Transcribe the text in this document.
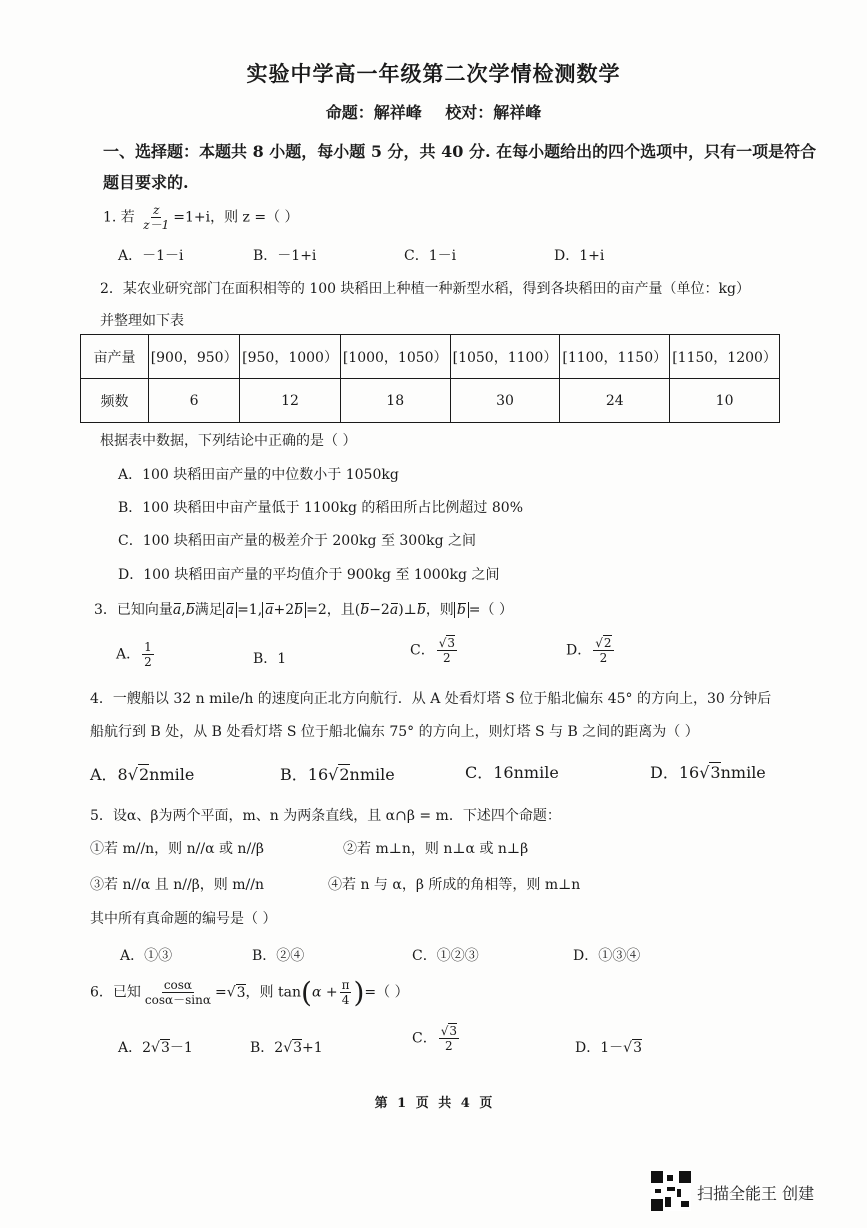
实验中学高一年级第二次学情检测数学
命题：解祥峰 校对：解祥峰
一、选择题：本题共 8 小题，每小题 5 分，共 40 分. 在每小题给出的四个选项中，只有一项是符合题目要求的.
1. 若 $\frac{z}{z-1} =1+i$，则 z =（ ）
A．－1－i	B．－1+i	C．1－i	D．1+i
2．某农业研究部门在面积相等的 100 块稻田上种植一种新型水稻，得到各块稻田的亩产量（单位：kg）
并整理如下表
亩产量	[900，950）	[950，1000）	[1000，1050）	[1050，1100）	[1100，1150）	[1150，1200）
频数	6	12	18	30	24	10
根据表中数据，下列结论中正确的是（ ）
A．100 块稻田亩产量的中位数小于 1050kg
B．100 块稻田中亩产量低于 1100kg 的稻田所占比例超过 80%
C．100 块稻田亩产量的极差介于 200kg 至 300kg 之间
D．100 块稻田亩产量的平均值介于 900kg 至 1000kg 之间
3．已知向量a,b满足 a =1, a+2b =2，且(b−2a)⊥b，则 b =（ ）
A． $\frac{1}{2}$	B．1
C． $\frac{√3}{2}$	D． $\frac{√2}{2}$
4．一艘船以 32 n mile/h 的速度向正北方向航行．从 A 处看灯塔 S 位于船北偏东 45° 的方向上，30 分钟后
船航行到 B 处，从 B 处看灯塔 S 位于船北偏东 75° 的方向上，则灯塔 S 与 B 之间的距离为（ ）
A．8√2nmile	B．16√2nmile	C．16nmile	D．16√3nmile
5．设α、β为两个平面，m、n 为两条直线，且 α∩β = m．下述四个命题：
①若 m//n，则 n//α 或 n//β	②若 m⊥n，则 n⊥α 或 n⊥β
③若 n//α 且 n//β，则 m//n	④若 n 与 α，β 所成的角相等，则 m⊥n
其中所有真命题的编号是（ ）
A．①③	B．②④	C．①②③	D．①③④
6．已知 $\frac{\cos\alpha}{\cos\alpha-\sin\alpha} =√3$，则 $\tan(\alpha + \frac{\pi}{4}$ )=（ ）
A．2√3－1	B．2√3+1
C． $\frac{√3}{2}$	D．1－√3
第 1 页 共 4 页
扫描全能王 创建
